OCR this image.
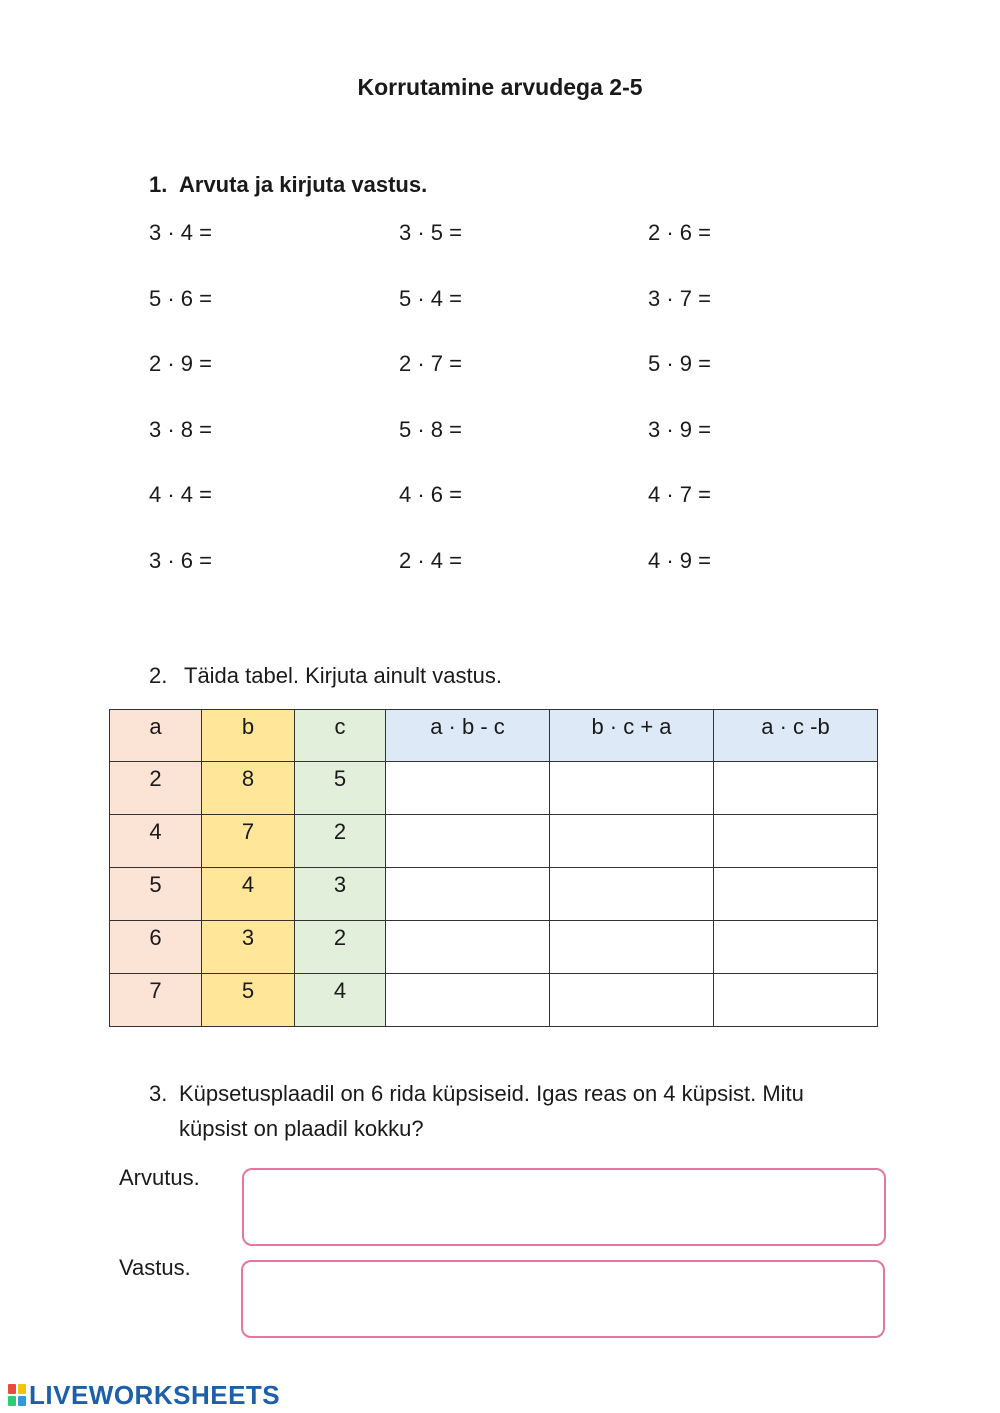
Korrutamine arvudega 2-5
1. Arvuta ja kirjuta vastus.
3 · 4 =	3 · 5 =	2 · 6 =
5 · 6 =	5 · 4 =	3 · 7 =
2 · 9 =	2 · 7 =	5 · 9 =
3 · 8 =	5 · 8 =	3 · 9 =
4 · 4 =	4 · 6 =	4 · 7 =
3 · 6 =	2 · 4 =	4 · 9 =
2. Täida tabel. Kirjuta ainult vastus.
a	b	c	a · b - c	b · c + a	a · c -b
2	8	5			
4	7	2			
5	4	3			
6	3	2			
7	5	4			
3. Küpsetusplaadil on 6 rida küpsiseid. Igas reas on 4 küpsist. Mitu
küpsist on plaadil kokku?
Arvutus.
Vastus.
LIVEWORKSHEETS
